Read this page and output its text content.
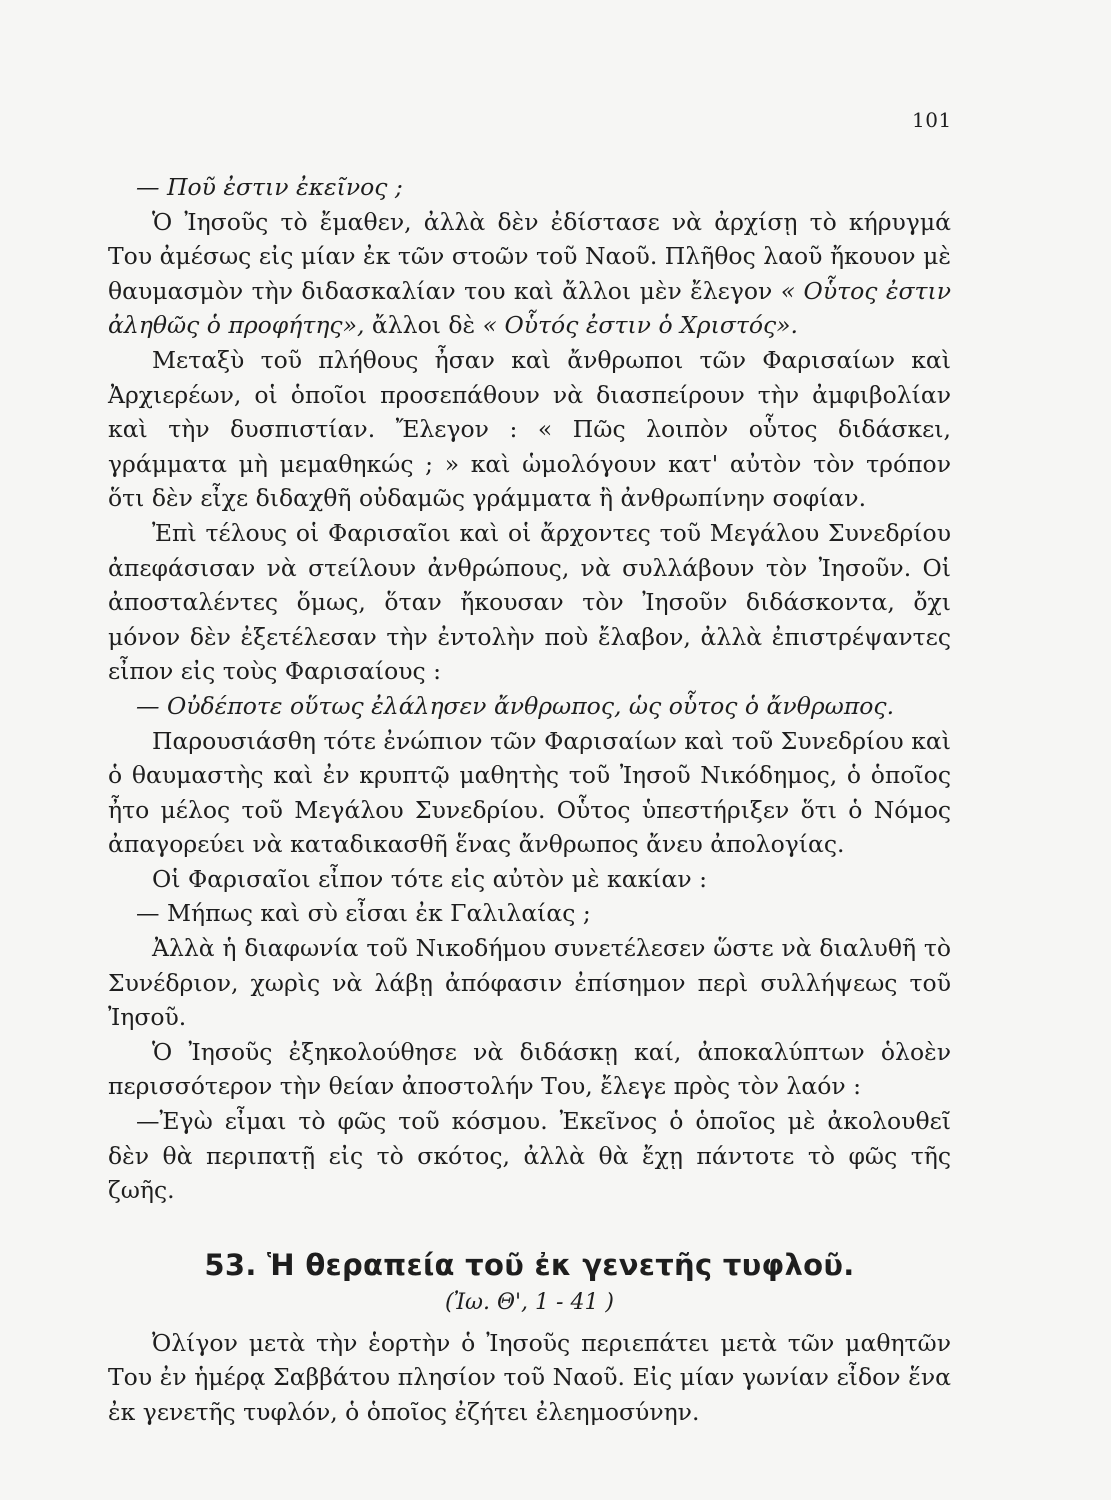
101

— Ποῦ ἐστιν ἐκεῖνος ;

Ὁ Ἰησοῦς τὸ ἔμαθεν, ἀλλὰ δὲν ἐδίστασε νὰ ἀρχίσῃ τὸ κήρυγμά Του ἀμέσως εἰς μίαν ἐκ τῶν στοῶν τοῦ Ναοῦ. Πλῆθος λαοῦ ἤκουον μὲ θαυμασμὸν τὴν διδασκαλίαν του καὶ ἄλλοι μὲν ἔλεγον « Οὗτος ἐστιν ἀληθῶς ὁ προφήτης», ἄλλοι δὲ « Οὗτός ἐστιν ὁ Χριστός».

Μεταξὺ τοῦ πλήθους ἦσαν καὶ ἄνθρωποι τῶν Φαρισαίων καὶ Ἀρχιερέων, οἱ ὁποῖοι προσεπάθουν νὰ διασπείρουν τὴν ἀμφιβολίαν καὶ τὴν δυσπιστίαν. Ἔλεγον : « Πῶς λοιπὸν οὗτος διδάσκει, γράμματα μὴ μεμαθηκώς ; » καὶ ὡμολόγουν κατ' αὐτὸν τὸν τρόπον ὅτι δὲν εἶχε διδαχθῆ οὐδαμῶς γράμματα ἢ ἀνθρωπίνην σοφίαν.

Ἐπὶ τέλους οἱ Φαρισαῖοι καὶ οἱ ἄρχοντες τοῦ Μεγάλου Συνεδρίου ἀπεφάσισαν νὰ στείλουν ἀνθρώπους, νὰ συλλάβουν τὸν Ἰησοῦν. Οἱ ἀποσταλέντες ὅμως, ὅταν ἤκουσαν τὸν Ἰησοῦν διδάσκοντα, ὄχι μόνον δὲν ἐξετέλεσαν τὴν ἐντολὴν ποὺ ἔλαβον, ἀλλὰ ἐπιστρέψαντες εἶπον εἰς τοὺς Φαρισαίους :

— Οὐδέποτε οὕτως ἐλάλησεν ἄνθρωπος, ὡς οὗτος ὁ ἄνθρωπος.

Παρουσιάσθη τότε ἐνώπιον τῶν Φαρισαίων καὶ τοῦ Συνεδρίου καὶ ὁ θαυμαστὴς καὶ ἐν κρυπτῷ μαθητὴς τοῦ Ἰησοῦ Νικόδημος, ὁ ὁποῖος ἦτο μέλος τοῦ Μεγάλου Συνεδρίου. Οὗτος ὑπεστήριξεν ὅτι ὁ Νόμος ἀπαγορεύει νὰ καταδικασθῆ ἕνας ἄνθρωπος ἄνευ ἀπολογίας.

Οἱ Φαρισαῖοι εἶπον τότε εἰς αὐτὸν μὲ κακίαν :

— Μήπως καὶ σὺ εἶσαι ἐκ Γαλιλαίας ;

Ἀλλὰ ἡ διαφωνία τοῦ Νικοδήμου συνετέλεσεν ὥστε νὰ διαλυθῆ τὸ Συνέδριον, χωρὶς νὰ λάβῃ ἀπόφασιν ἐπίσημον περὶ συλλήψεως τοῦ Ἰησοῦ.

Ὁ Ἰησοῦς ἐξηκολούθησε νὰ διδάσκῃ καί, ἀποκαλύπτων ὁλοὲν περισσότερον τὴν θείαν ἀποστολήν Του, ἔλεγε πρὸς τὸν λαόν :

—Ἐγὼ εἶμαι τὸ φῶς τοῦ κόσμου. Ἐκεῖνος ὁ ὁποῖος μὲ ἀκολουθεῖ δὲν θὰ περιπατῇ εἰς τὸ σκότος, ἀλλὰ θὰ ἔχῃ πάντοτε τὸ φῶς τῆς ζωῆς.

53. Ἡ θεραπεία τοῦ ἐκ γενετῆς τυφλοῦ.
(Ἰω. Θ', 1 - 41 )

Ὀλίγον μετὰ τὴν ἑορτὴν ὁ Ἰησοῦς περιεπάτει μετὰ τῶν μαθητῶν Του ἐν ἡμέρᾳ Σαββάτου πλησίον τοῦ Ναοῦ. Εἰς μίαν γωνίαν εἶδον ἕνα ἐκ γενετῆς τυφλόν, ὁ ὁποῖος ἐζήτει ἐλεημοσύνην.
